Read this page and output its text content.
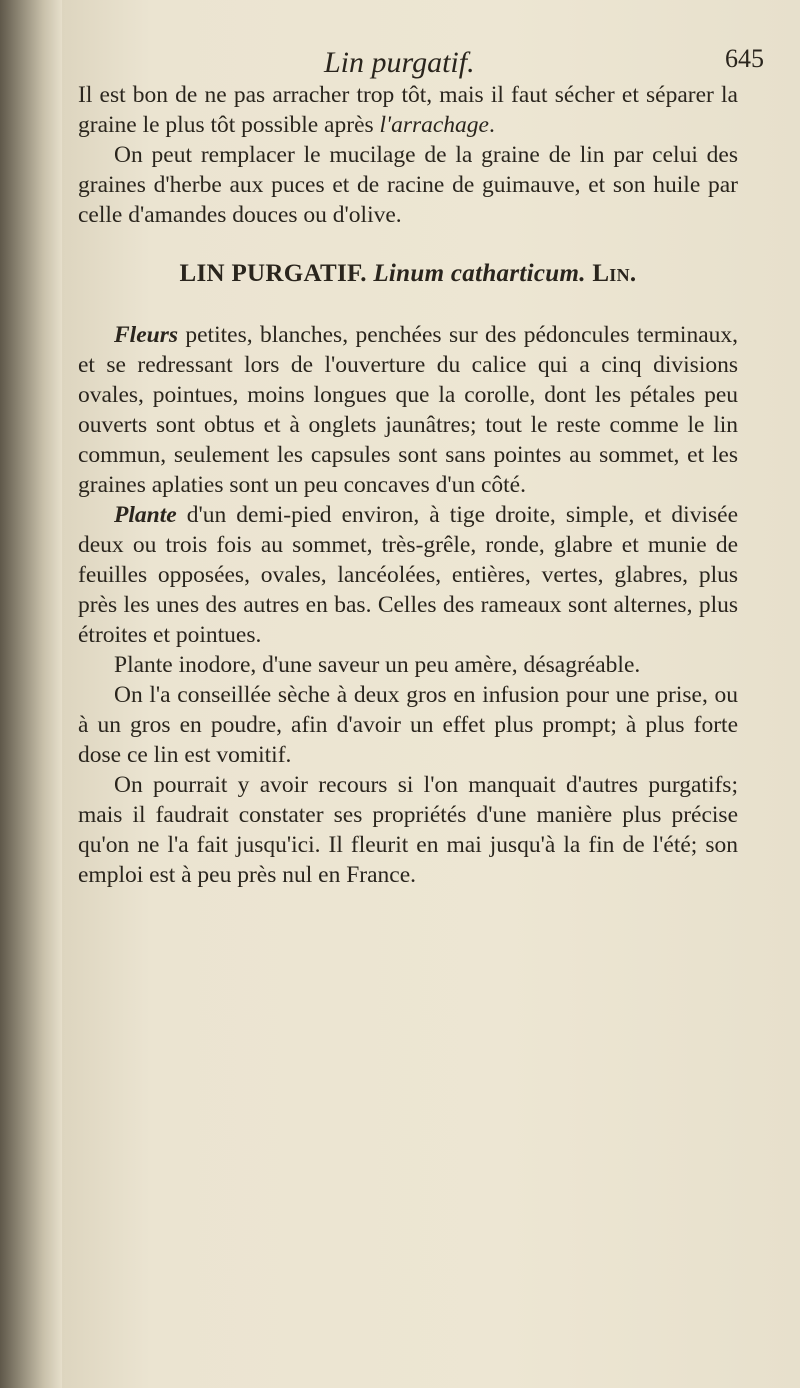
Lin purgatif.	645

Il est bon de ne pas arracher trop tôt, mais il faut sécher et séparer la graine le plus tôt possible après l'arrachage.

On peut remplacer le mucilage de la graine de lin par celui des graines d'herbe aux puces et de racine de guimauve, et son huile par celle d'amandes douces ou d'olive.

LIN PURGATIF. Linum catharticum. Lin.

Fleurs petites, blanches, penchées sur des pédoncules terminaux, et se redressant lors de l'ouverture du calice qui a cinq divisions ovales, pointues, moins longues que la corolle, dont les pétales peu ouverts sont obtus et à onglets jaunâtres; tout le reste comme le lin commun, seulement les capsules sont sans pointes au sommet, et les graines aplaties sont un peu concaves d'un côté.

Plante d'un demi-pied environ, à tige droite, simple, et divisée deux ou trois fois au sommet, très-grêle, ronde, glabre et munie de feuilles opposées, ovales, lancéolées, entières, vertes, glabres, plus près les unes des autres en bas. Celles des rameaux sont alternes, plus étroites et pointues.

Plante inodore, d'une saveur un peu amère, désagréable.

On l'a conseillée sèche à deux gros en infusion pour une prise, ou à un gros en poudre, afin d'avoir un effet plus prompt; à plus forte dose ce lin est vomitif.

On pourrait y avoir recours si l'on manquait d'autres purgatifs; mais il faudrait constater ses propriétés d'une manière plus précise qu'on ne l'a fait jusqu'ici. Il fleurit en mai jusqu'à la fin de l'été; son emploi est à peu près nul en France.
